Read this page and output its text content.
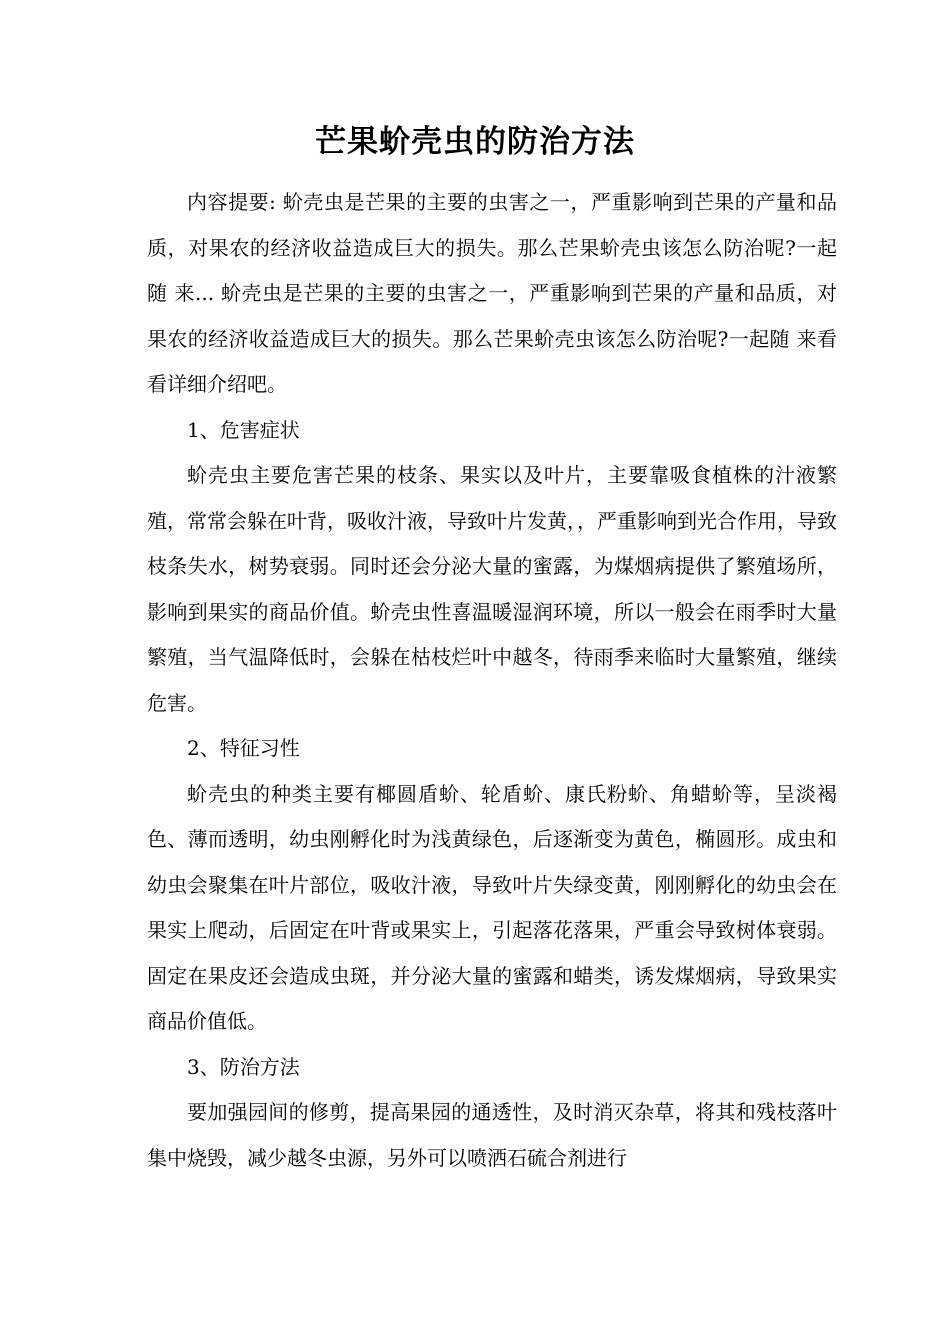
芒果蚧壳虫的防治方法

内容提要: 蚧壳虫是芒果的主要的虫害之一，严重影响到芒果的产量和品质，对果农的经济收益造成巨大的损失。那么芒果蚧壳虫该怎么防治呢?一起随 来... 蚧壳虫是芒果的主要的虫害之一，严重影响到芒果的产量和品质，对果农的经济收益造成巨大的损失。那么芒果蚧壳虫该怎么防治呢?一起随 来看看详细介绍吧。

1、危害症状

蚧壳虫主要危害芒果的枝条、果实以及叶片，主要靠吸食植株的汁液繁殖，常常会躲在叶背，吸收汁液，导致叶片发黄，，严重影响到光合作用，导致枝条失水，树势衰弱。同时还会分泌大量的蜜露，为煤烟病提供了繁殖场所，影响到果实的商品价值。蚧壳虫性喜温暖湿润环境，所以一般会在雨季时大量繁殖，当气温降低时，会躲在枯枝烂叶中越冬，待雨季来临时大量繁殖，继续危害。

2、特征习性

蚧壳虫的种类主要有椰圆盾蚧、轮盾蚧、康氏粉蚧、角蜡蚧等，呈淡褐色、薄而透明，幼虫刚孵化时为浅黄绿色，后逐渐变为黄色，椭圆形。成虫和幼虫会聚集在叶片部位，吸收汁液，导致叶片失绿变黄，刚刚孵化的幼虫会在果实上爬动，后固定在叶背或果实上，引起落花落果，严重会导致树体衰弱。固定在果皮还会造成虫斑，并分泌大量的蜜露和蜡类，诱发煤烟病，导致果实商品价值低。

3、防治方法

要加强园间的修剪，提高果园的通透性，及时消灭杂草，将其和残枝落叶集中烧毁，减少越冬虫源，另外可以喷洒石硫合剂进行
